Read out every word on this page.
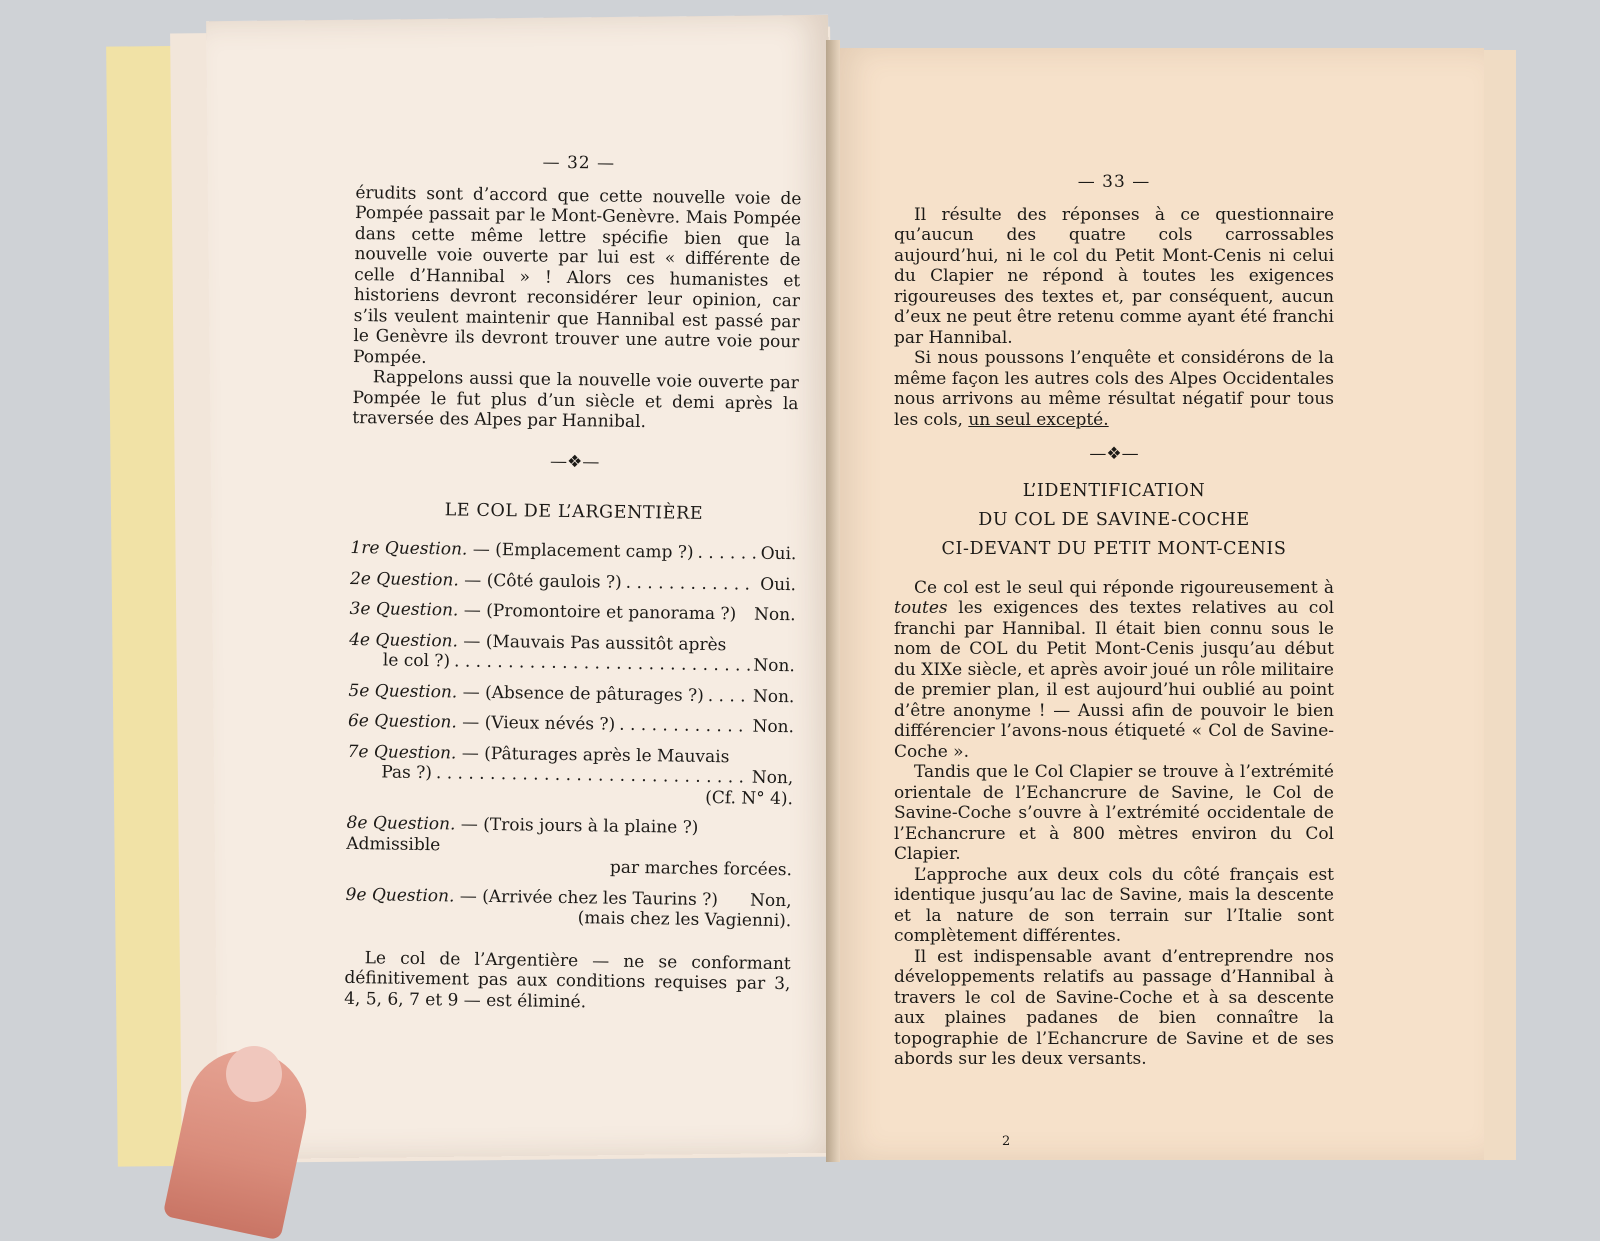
— 32 —

érudits sont d’accord que cette nouvelle voie de Pompée passait par le Mont-Genèvre. Mais Pompée dans cette même lettre spécifie bien que la nouvelle voie ouverte par lui est « différente de celle d’Hannibal » ! Alors ces humanistes et historiens devront reconsidérer leur opinion, car s’ils veulent maintenir que Hannibal est passé par le Genèvre ils devront trouver une autre voie pour Pompée.

Rappelons aussi que la nouvelle voie ouverte par Pompée le fut plus d’un siècle et demi après la traversée des Alpes par Hannibal.

—❖—
LE COL DE L’ARGENTIÈRE
1re Question. — (Emplacement camp ?) . . .	Oui.
2e Question. — (Côté gaulois ?) . . .	Oui.
3e Question. — (Promontoire et panorama ?) Non.
4e Question. — (Mauvais Pas aussitôt après
le col ?) . . .	Non.
5e Question. — (Absence de pâturages ?) . . .	Non.
6e Question. — (Vieux névés ?) . . .	Non.
7e Question. — (Pâturages après le Mauvais
Pas ?) . . .	Non,
(Cf. N° 4).
8e Question. — (Trois jours à la plaine ?) Admissible
par marches forcées.
9e Question. — (Arrivée chez les Taurins ?) Non,
(mais chez les Vagienni).

Le col de l’Argentière — ne se conformant définitivement pas aux conditions requises par 3, 4, 5, 6, 7 et 9 — est éliminé.

— 33 —

Il résulte des réponses à ce questionnaire qu’aucun des quatre cols carrossables aujourd’hui, ni le col du Petit Mont-Cenis ni celui du Clapier ne répond à toutes les exigences rigoureuses des textes et, par conséquent, aucun d’eux ne peut être retenu comme ayant été franchi par Hannibal.

Si nous poussons l’enquête et considérons de la même façon les autres cols des Alpes Occidentales nous arrivons au même résultat négatif pour tous les cols, un seul excepté.

—❖—
L’IDENTIFICATION
DU COL DE SAVINE-COCHE
CI-DEVANT DU PETIT MONT-CENIS

Ce col est le seul qui réponde rigoureusement à toutes les exigences des textes relatives au col franchi par Hannibal. Il était bien connu sous le nom de COL du Petit Mont-Cenis jusqu’au début du XIXe siècle, et après avoir joué un rôle militaire de premier plan, il est aujourd’hui oublié au point d’être anonyme ! — Aussi afin de pouvoir le bien différencier l’avons-nous étiqueté « Col de Savine-Coche ».

Tandis que le Col Clapier se trouve à l’extrémité orientale de l’Echancrure de Savine, le Col de Savine-Coche s’ouvre à l’extrémité occidentale de l’Echancrure et à 800 mètres environ du Col Clapier.

L’approche aux deux cols du côté français est identique jusqu’au lac de Savine, mais la descente et la nature de son terrain sur l’Italie sont complètement différentes.

Il est indispensable avant d’entreprendre nos développements relatifs au passage d’Hannibal à travers le col de Savine-Coche et à sa descente aux plaines padanes de bien connaître la topographie de l’Echancrure de Savine et de ses abords sur les deux versants.

2
